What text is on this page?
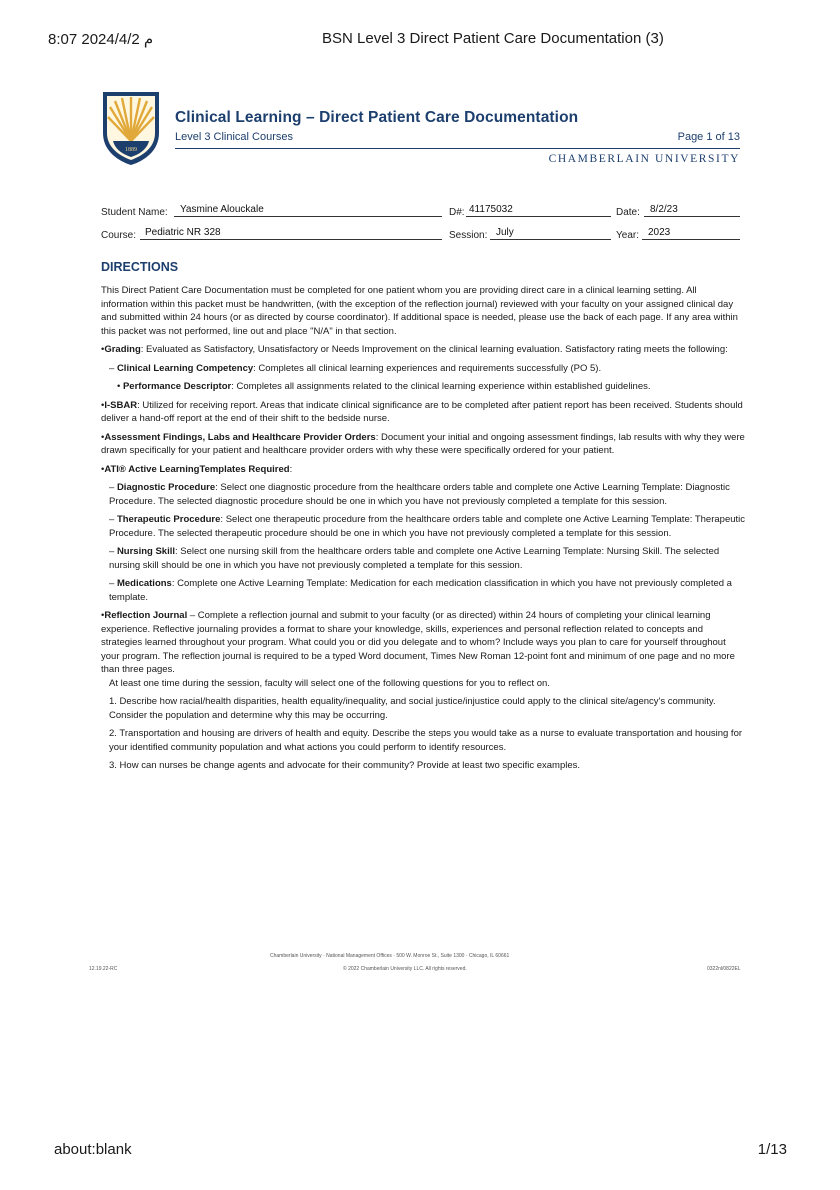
8:07 2024/4/2 م	BSN Level 3 Direct Patient Care Documentation (3)
1889
Clinical Learning – Direct Patient Care Documentation
Level 3 Clinical Courses	Page 1 of 13
CHAMBERLAIN UNIVERSITY
Student Name: Yasmine Alouckale	D#: 41175032	Date: 8/2/23
Course: Pediatric NR 328	Session: July	Year: 2023
DIRECTIONS

This Direct Patient Care Documentation must be completed for one patient whom you are providing direct care in a clinical learning setting. All information within this packet must be handwritten, (with the exception of the reflection journal) reviewed with your faculty on your assigned clinical day and submitted within 24 hours (or as directed by course coordinator). If additional space is needed, please use the back of each page. If any area within this packet was not performed, line out and place "N/A" in that section.

•Grading: Evaluated as Satisfactory, Unsatisfactory or Needs Improvement on the clinical learning evaluation. Satisfactory rating meets the following:

– Clinical Learning Competency: Completes all clinical learning experiences and requirements successfully (PO 5).

• Performance Descriptor: Completes all assignments related to the clinical learning experience within established guidelines.

•I-SBAR: Utilized for receiving report. Areas that indicate clinical significance are to be completed after patient report has been received. Students should deliver a hand-off report at the end of their shift to the bedside nurse.

•Assessment Findings, Labs and Healthcare Provider Orders: Document your initial and ongoing assessment findings, lab results with why they were drawn specifically for your patient and healthcare provider orders with why these were specifically ordered for your patient.

•ATI® Active LearningTemplates Required:

– Diagnostic Procedure: Select one diagnostic procedure from the healthcare orders table and complete one Active Learning Template: Diagnostic Procedure. The selected diagnostic procedure should be one in which you have not previously completed a template for this session.

– Therapeutic Procedure: Select one therapeutic procedure from the healthcare orders table and complete one Active Learning Template: Therapeutic Procedure. The selected therapeutic procedure should be one in which you have not previously completed a template for this session.

– Nursing Skill: Select one nursing skill from the healthcare orders table and complete one Active Learning Template: Nursing Skill. The selected nursing skill should be one in which you have not previously completed a template for this session.

– Medications: Complete one Active Learning Template: Medication for each medication classification in which you have not previously completed a template.

•Reflection Journal – Complete a reflection journal and submit to your faculty (or as directed) within 24 hours of completing your clinical learning experience. Reflective journaling provides a format to share your knowledge, skills, experiences and personal reflection related to concepts and strategies learned throughout your program. What could you or did you delegate and to whom? Include ways you plan to care for yourself throughout your program. The reflection journal is required to be a typed Word document, Times New Roman 12-point font and minimum of one page and no more than three pages.

At least one time during the session, faculty will select one of the following questions for you to reflect on.

1. Describe how racial/health disparities, health equality/inequality, and social justice/injustice could apply to the clinical site/agency's community. Consider the population and determine why this may be occurring.

2. Transportation and housing are drivers of health and equity. Describe the steps you would take as a nurse to evaluate transportation and housing for your identified community population and what actions you could perform to identify resources.

3. How can nurses be change agents and advocate for their community? Provide at least two specific examples.

Chamberlain University · National Management Offices · 500 W. Monroe St., Suite 1300 · Chicago, IL 60661
12.19.22-RC	© 2022 Chamberlain University LLC. All rights reserved.	0322nl/0822EL
about:blank	1/13
